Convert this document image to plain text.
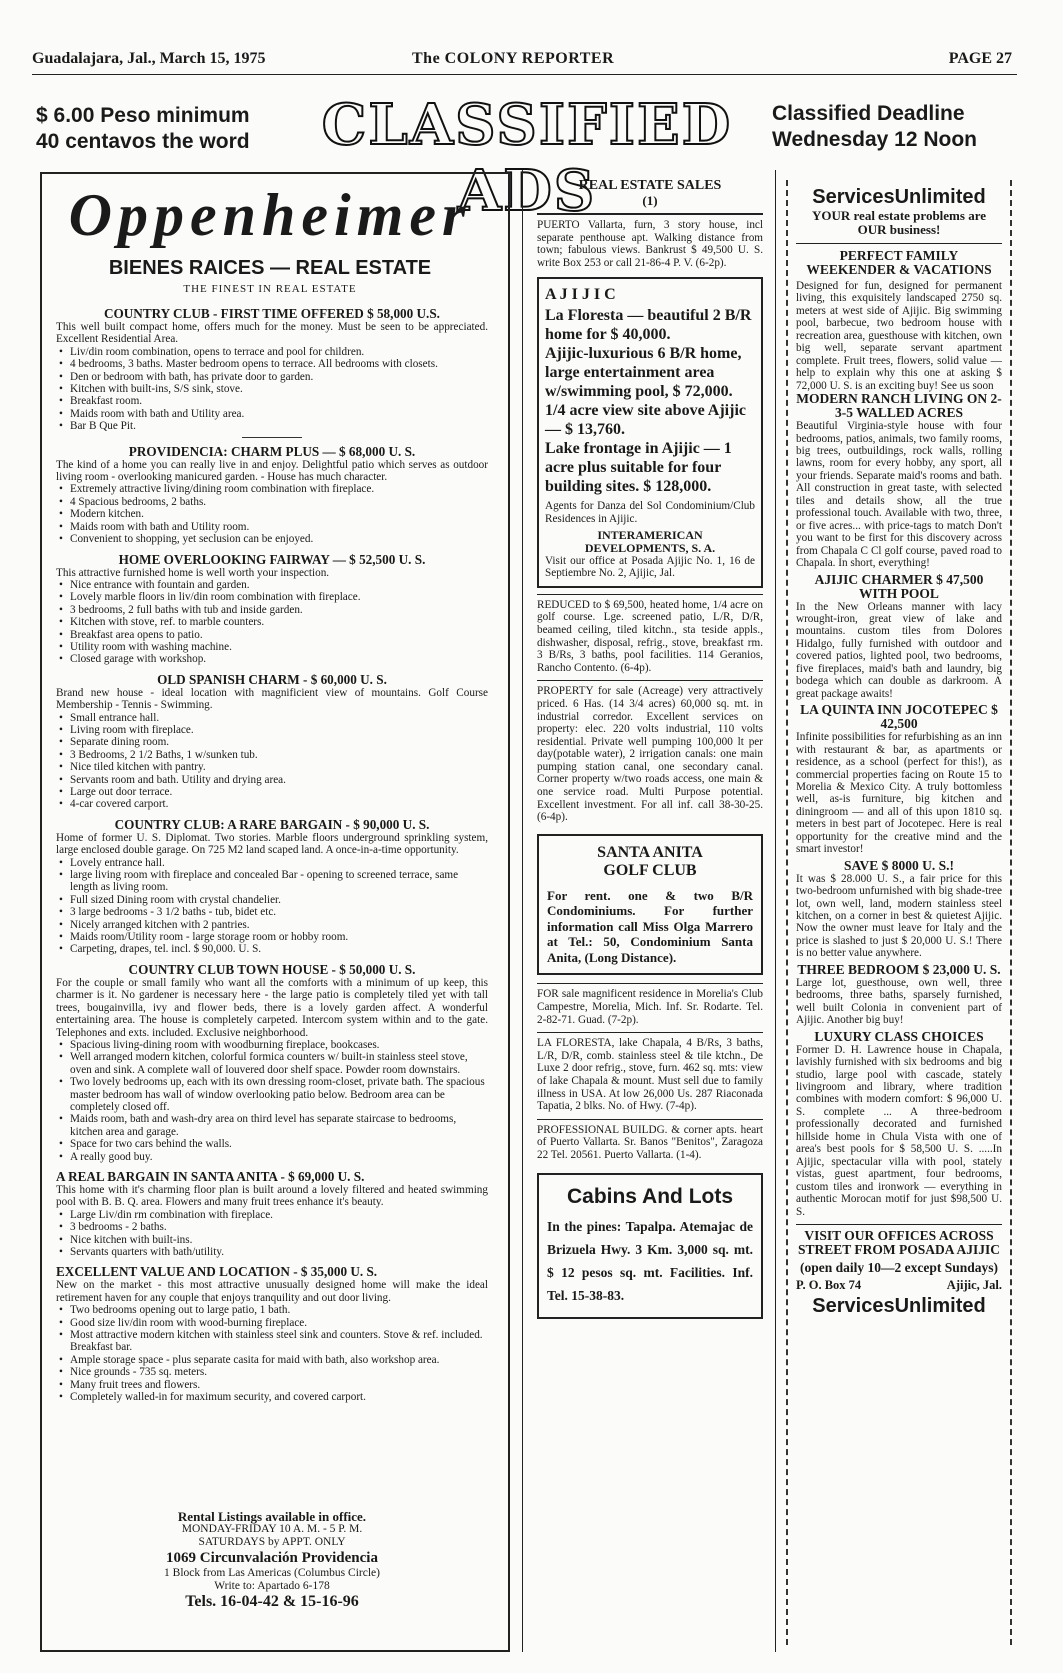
Guadalajara, Jal., March 15, 1975	The COLONY REPORTER	PAGE 27
$ 6.00 Peso minimum
40 centavos the word	CLASSIFIED ADS
Classified Deadline
Wednesday 12 Noon
Oppenheimer
BIENES RAICES — REAL ESTATE
THE FINEST IN REAL ESTATE
COUNTRY CLUB - FIRST TIME OFFERED $ 58,000 U.S.
This well built compact home, offers much for the money. Must be seen to be appreciated. Excellent Residential Area.
• Liv/din room combination, opens to terrace and pool for children.
• 4 bedrooms, 3 baths. Master bedroom opens to terrace. All bedrooms with closets.
• Den or bedroom with bath, has private door to garden.
• Kitchen with built-ins, S/S sink, stove.
• Breakfast room.
• Maids room with bath and Utility area.
• Bar B Que Pit.
PROVIDENCIA: CHARM PLUS — $ 68,000 U. S.
The kind of a home you can really live in and enjoy. Delightful patio which serves as outdoor living room - overlooking manicured garden. - House has much character.
• Extremely attractive living/dining room combination with fireplace.
• 4 Spacious bedrooms, 2 baths.
• Modern kitchen.
• Maids room with bath and Utility room.
• Convenient to shopping, yet seclusion can be enjoyed.
HOME OVERLOOKING FAIRWAY — $ 52,500 U. S.
This attractive furnished home is well worth your inspection.
• Nice entrance with fountain and garden.
• Lovely marble floors in liv/din room combination with fireplace.
• 3 bedrooms, 2 full baths with tub and inside garden.
• Kitchen with stove, ref. to marble counters.
• Breakfast area opens to patio.
• Utility room with washing machine.
• Closed garage with workshop.
OLD SPANISH CHARM - $ 60,000 U. S.
Brand new house - ideal location with magnificient view of mountains. Golf Course Membership - Tennis - Swimming.
• Small entrance hall.
• Living room with fireplace.
• Separate dining room.
• 3 Bedrooms, 2 1/2 Baths, 1 w/sunken tub.
• Nice tiled kitchen with pantry.
• Servants room and bath. Utility and drying area.
• Large out door terrace.
• 4-car covered carport.
COUNTRY CLUB: A RARE BARGAIN - $ 90,000 U. S.
Home of former U. S. Diplomat. Two stories. Marble floors underground sprinkling system, large enclosed double garage. On 725 M2 land scaped land. A once-in-a-time opportunity.
• Lovely entrance hall.
• large living room with fireplace and concealed Bar - opening to screened terrace, same length as living room.
• Full sized Dining room with crystal chandelier.
• 3 large bedrooms - 3 1/2 baths - tub, bidet etc.
• Nicely arranged kitchen with 2 pantries.
• Maids room/Utility room - large storage room or hobby room.
• Carpeting, drapes, tel. incl. $ 90,000. U. S.
COUNTRY CLUB TOWN HOUSE - $ 50,000 U. S.
For the couple or small family who want all the comforts with a minimum of up keep, this charmer is it. No gardener is necessary here - the large patio is completely tiled yet with tall trees, bougainvilla, ivy and flower beds, there is a lovely garden affect. A wonderful entertaining area. The house is completely carpeted. Intercom system within and to the gate. Telephones and exts. included. Exclusive neighborhood.
• Spacious living-dining room with woodburning fireplace, bookcases.
• Well arranged modern kitchen, colorful formica counters w/ built-in stainless steel stove, oven and sink. A complete wall of louvered door shelf space. Powder room downstairs.
• Two lovely bedrooms up, each with its own dressing room-closet, private bath. The spacious master bedroom has wall of window overlooking patio below. Bedroom area can be completely closed off.
• Maids room, bath and wash-dry area on third level has separate staircase to bedrooms, kitchen area and garage.
• Space for two cars behind the walls.
• A really good buy.
A REAL BARGAIN IN SANTA ANITA - $ 69,000 U. S.
This home with it's charming floor plan is built around a lovely filtered and heated swimming pool with B. B. Q. area. Flowers and many fruit trees enhance it's beauty.
• Large Liv/din rm combination with fireplace.
• 3 bedrooms - 2 baths.
• Nice kitchen with built-ins.
• Servants quarters with bath/utility.
EXCELLENT VALUE AND LOCATION - $ 35,000 U. S.
New on the market - this most attractive unusually designed home will make the ideal retirement haven for any couple that enjoys tranquility and out door living.
• Two bedrooms opening out to large patio, 1 bath.
• Good size liv/din room with wood-burning fireplace.
• Most attractive modern kitchen with stainless steel sink and counters. Stove & ref. included. Breakfast bar.
• Ample storage space - plus separate casita for maid with bath, also workshop area.
• Nice grounds - 735 sq. meters.
• Many fruit trees and flowers.
• Completely walled-in for maximum security, and covered carport.
Rental Listings available in office.
MONDAY-FRIDAY 10 A. M. - 5 P. M.
SATURDAYS by APPT. ONLY
1069 Circunvalación Providencia
1 Block from Las Americas (Columbus Circle)
Write to: Apartado 6-178
Tels. 16-04-42 & 15-16-96
REAL ESTATE SALES
(1)
PUERTO Vallarta, furn, 3 story house, incl separate penthouse apt. Walking distance from town; fabulous views. Bankrust $ 49,500 U. S. write Box 253 or call 21-86-4 P. V. (6-2p).
A J I J I C
La Floresta — beautiful 2 B/R home for $ 40,000.
Ajijic-luxurious 6 B/R home, large entertainment area w/swimming pool, $ 72,000.
1/4 acre view site above Ajijic — $ 13,760.
Lake frontage in Ajijic — 1 acre plus suitable for four building sites. $ 128,000.
Agents for Danza del Sol Condominium/Club Residences in Ajijic.
INTERAMERICAN DEVELOPMENTS, S. A.
Visit our office at Posada Ajijic No. 1, 16 de Septiembre No. 2, Ajijic, Jal.
REDUCED to $ 69,500, heated home, 1/4 acre on golf course. Lge. screened patio, L/R, D/R, beamed ceiling, tiled kitchn., sta teside appls., dishwasher, disposal, refrig., stove, breakfast rm. 3 B/Rs, 3 baths, pool facilities. 114 Geranios, Rancho Contento. (6-4p).
PROPERTY for sale (Acreage) very attractively priced. 6 Has. (14 3/4 acres) 60,000 sq. mt. in industrial corredor. Excellent services on property: elec. 220 volts industrial, 110 volts residential. Private well pumping 100,000 lt per day(potable water), 2 irrigation canals: one main pumping station canal, one secondary canal. Corner property w/two roads access, one main & one service road. Multi Purpose potential. Excellent investment. For all inf. call 38-30-25. (6-4p).
SANTA ANITA
GOLF CLUB
For rent. one & two B/R Condominiums. For further information call Miss Olga Marrero at Tel.: 50, Condominium Santa Anita, (Long Distance).
FOR sale magnificent residence in Morelia's Club Campestre, Morelia, Mich. Inf. Sr. Rodarte. Tel. 2-82-71. Guad. (7-2p).
LA FLORESTA, lake Chapala, 4 B/Rs, 3 baths, L/R, D/R, comb. stainless steel & tile ktchn., De Luxe 2 door refrig., stove, furn. 462 sq. mts: view of lake Chapala & mount. Must sell due to family illness in USA. At low 26,000 Us. 287 Riaconada Tapatia, 2 blks. No. of Hwy. (7-4p).
PROFESSIONAL BUILDG. & corner apts. heart of Puerto Vallarta. Sr. Banos "Benitos", Zaragoza 22 Tel. 20561. Puerto Vallarta. (1-4).
Cabins And Lots
In the pines: Tapalpa. Atemajac de Brizuela Hwy. 3 Km. 3,000 sq. mt. $ 12 pesos sq. mt. Facilities. Inf. Tel. 15-38-83.
ServicesUnlimited
YOUR real estate problems are OUR business!
PERFECT FAMILY WEEKENDER & VACATIONS
Designed for fun, designed for permanent living, this exquisitely landscaped 2750 sq. meters at west side of Ajijic. Big swimming pool, barbecue, two bedroom house with recreation area, guesthouse with kitchen, own big well, separate servant apartment complete. Fruit trees, flowers, solid value — help to explain why this one at asking $ 72,000 U. S. is an exciting buy! See us soon
MODERN RANCH LIVING ON 2-3-5 WALLED ACRES
Beautiful Virginia-style house with four bedrooms, patios, animals, two family rooms, big trees, outbuildings, rock walls, rolling lawns, room for every hobby, any sport, all your friends. Separate maid's rooms and bath. All construction in great taste, with selected tiles and details show, all the true professional touch. Available with two, three, or five acres... with price-tags to match Don't you want to be first for this discovery across from Chapala C Cl golf course, paved road to Chapala. In short, everything!
AJIJIC CHARMER $ 47,500 WITH POOL
In the New Orleans manner with lacy wrought-iron, great view of lake and mountains. custom tiles from Dolores Hidalgo, fully furnished with outdoor and covered patios, lighted pool, two bedrooms, five fireplaces, maid's bath and laundry, big bodega which can double as darkroom. A great package awaits!
LA QUINTA INN JOCOTEPEC $ 42,500
Infinite possibilities for refurbishing as an inn with restaurant & bar, as apartments or residence, as a school (perfect for this!), as commercial properties facing on Route 15 to Morelia & Mexico City. A truly bottomless well, as-is furniture, big kitchen and diningroom — and all of this upon 1810 sq. meters in best part of Jocotepec. Here is real opportunity for the creative mind and the smart investor!
SAVE $ 8000 U. S.!
It was $ 28.000 U. S., a fair price for this two-bedroom unfurnished with big shade-tree lot, own well, land, modern stainless steel kitchen, on a corner in best & quietest Ajijic. Now the owner must leave for Italy and the price is slashed to just $ 20,000 U. S.! There is no better value anywhere.
THREE BEDROOM $ 23,000 U. S.
Large lot, guesthouse, own well, three bedrooms, three baths, sparsely furnished, well built Colonia in convenient part of Ajijic. Another big buy!
LUXURY CLASS CHOICES
Former D. H. Lawrence house in Chapala, lavishly furnished with six bedrooms and big studio, large pool with cascade, stately livingroom and library, where tradition combines with modern comfort: $ 96,000 U. S. complete ... A three-bedroom professionally decorated and furnished hillside home in Chula Vista with one of area's best pools for $ 58,500 U. S. .....In Ajijic, spectacular villa with pool, stately vistas, guest apartment, four bedrooms, custom tiles and ironwork — everything in authentic Morocan motif for just $98,500 U. S.
VISIT OUR OFFICES ACROSS STREET FROM POSADA AJIJIC
(open daily 10—2 except Sundays)
P. O. Box 74	Ajijic, Jal.
ServicesUnlimited
